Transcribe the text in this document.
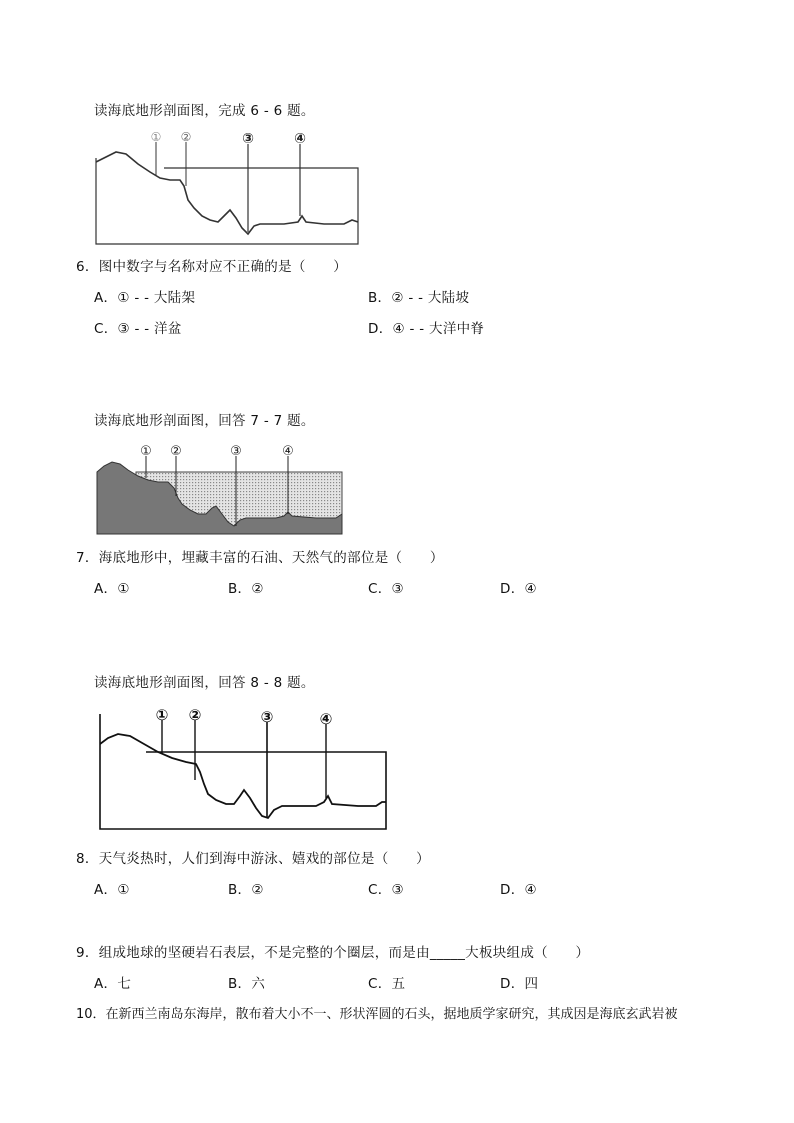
读海底地形剖面图，完成 6 - 6 题。
① ②	③	④
6．图中数字与名称对应不正确的是（　　）
A．① - - 大陆架	B．② - - 大陆坡
C．③ - - 洋盆	D．④ - - 大洋中脊
读海底地形剖面图，回答 7 - 7 题。
① ②	③	④
7．海底地形中，埋藏丰富的石油、天然气的部位是（　　）
A．①	B．②	C．③	D．④
读海底地形剖面图，回答 8 - 8 题。
① ②	③	④
8．天气炎热时，人们到海中游泳、嬉戏的部位是（　　）
A．①	B．②	C．③	D．④
9．组成地球的坚硬岩石表层，不是完整的个圈层，而是由_____大板块组成（　　）
A．七	B．六	C．五	D．四
10．在新西兰南岛东海岸，散布着大小不一、形状浑圆的石头，据地质学家研究，其成因是海底玄武岩被
